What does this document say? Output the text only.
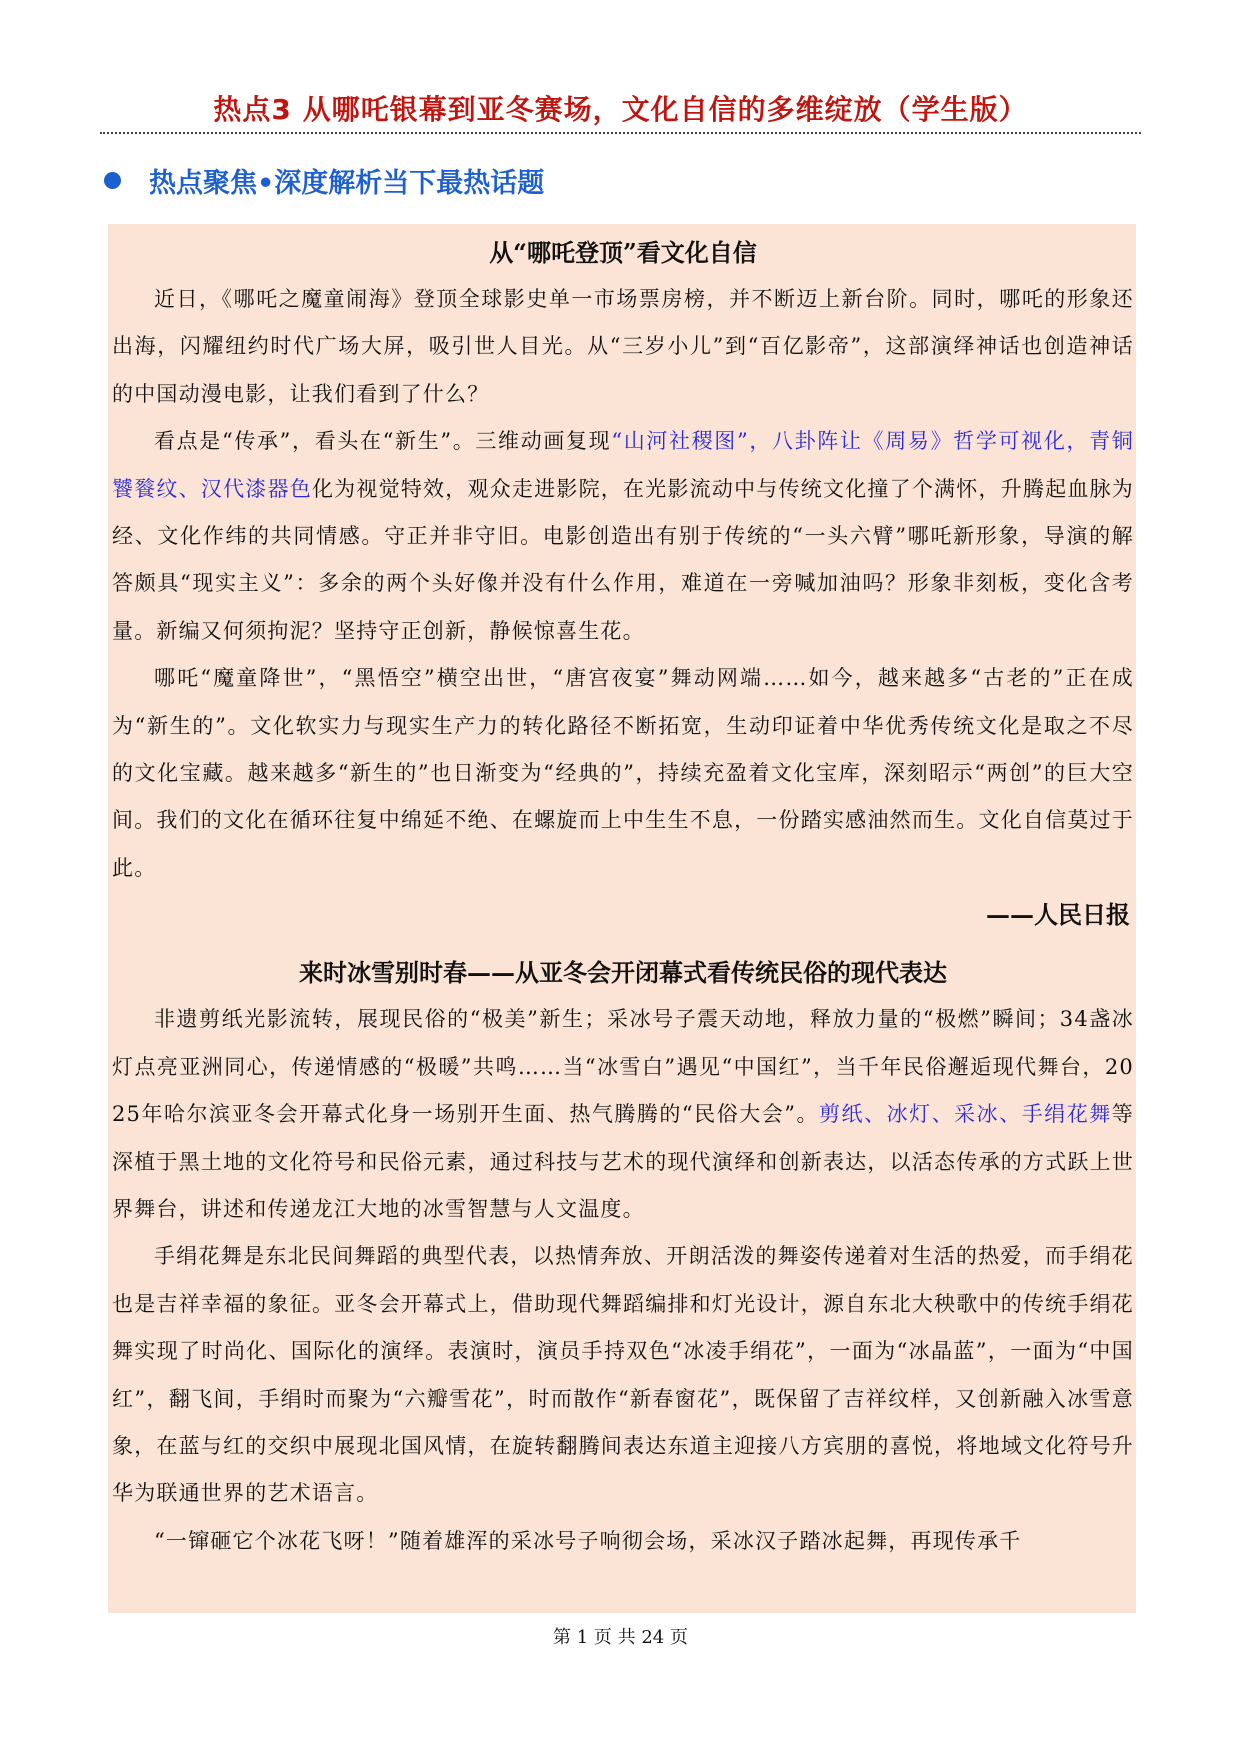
热点3 从哪吒银幕到亚冬赛场，文化自信的多维绽放（学生版）
热点聚焦•深度解析当下最热话题
从“哪吒登顶”看文化自信

近日，《哪吒之魔童闹海》登顶全球影史单一市场票房榜，并不断迈上新台阶。同时，哪吒的形象还出海，闪耀纽约时代广场大屏，吸引世人目光。从“三岁小儿”到“百亿影帝”，这部演绎神话也创造神话的中国动漫电影，让我们看到了什么？

看点是“传承”，看头在“新生”。三维动画复现“山河社稷图”，八卦阵让《周易》哲学可视化，青铜饕餮纹、汉代漆器色化为视觉特效，观众走进影院，在光影流动中与传统文化撞了个满怀，升腾起血脉为经、文化作纬的共同情感。守正并非守旧。电影创造出有别于传统的“一头六臂”哪吒新形象，导演的解答颇具“现实主义”：多余的两个头好像并没有什么作用，难道在一旁喊加油吗？形象非刻板，变化含考量。新编又何须拘泥？坚持守正创新，静候惊喜生花。

哪吒“魔童降世”，“黑悟空”横空出世，“唐宫夜宴”舞动网端……如今，越来越多“古老的”正在成为“新生的”。文化软实力与现实生产力的转化路径不断拓宽，生动印证着中华优秀传统文化是取之不尽的文化宝藏。越来越多“新生的”也日渐变为“经典的”，持续充盈着文化宝库，深刻昭示“两创”的巨大空间。我们的文化在循环往复中绵延不绝、在螺旋而上中生生不息，一份踏实感油然而生。文化自信莫过于此。

——人民日报

来时冰雪别时春——从亚冬会开闭幕式看传统民俗的现代表达

非遗剪纸光影流转，展现民俗的“极美”新生；采冰号子震天动地，释放力量的“极燃”瞬间；34盏冰灯点亮亚洲同心，传递情感的“极暖”共鸣……当“冰雪白”遇见“中国红”，当千年民俗邂逅现代舞台，2025年哈尔滨亚冬会开幕式化身一场别开生面、热气腾腾的“民俗大会”。剪纸、冰灯、采冰、手绢花舞等深植于黑土地的文化符号和民俗元素，通过科技与艺术的现代演绎和创新表达，以活态传承的方式跃上世界舞台，讲述和传递龙江大地的冰雪智慧与人文温度。

手绢花舞是东北民间舞蹈的典型代表，以热情奔放、开朗活泼的舞姿传递着对生活的热爱，而手绢花也是吉祥幸福的象征。亚冬会开幕式上，借助现代舞蹈编排和灯光设计，源自东北大秧歌中的传统手绢花舞实现了时尚化、国际化的演绎。表演时，演员手持双色“冰凌手绢花”，一面为“冰晶蓝”，一面为“中国红”，翻飞间，手绢时而聚为“六瓣雪花”，时而散作“新春窗花”，既保留了吉祥纹样，又创新融入冰雪意象，在蓝与红的交织中展现北国风情，在旋转翻腾间表达东道主迎接八方宾朋的喜悦，将地域文化符号升华为联通世界的艺术语言。

“一镩砸它个冰花飞呀！”随着雄浑的采冰号子响彻会场，采冰汉子踏冰起舞，再现传承千

第 1 页 共 24 页
